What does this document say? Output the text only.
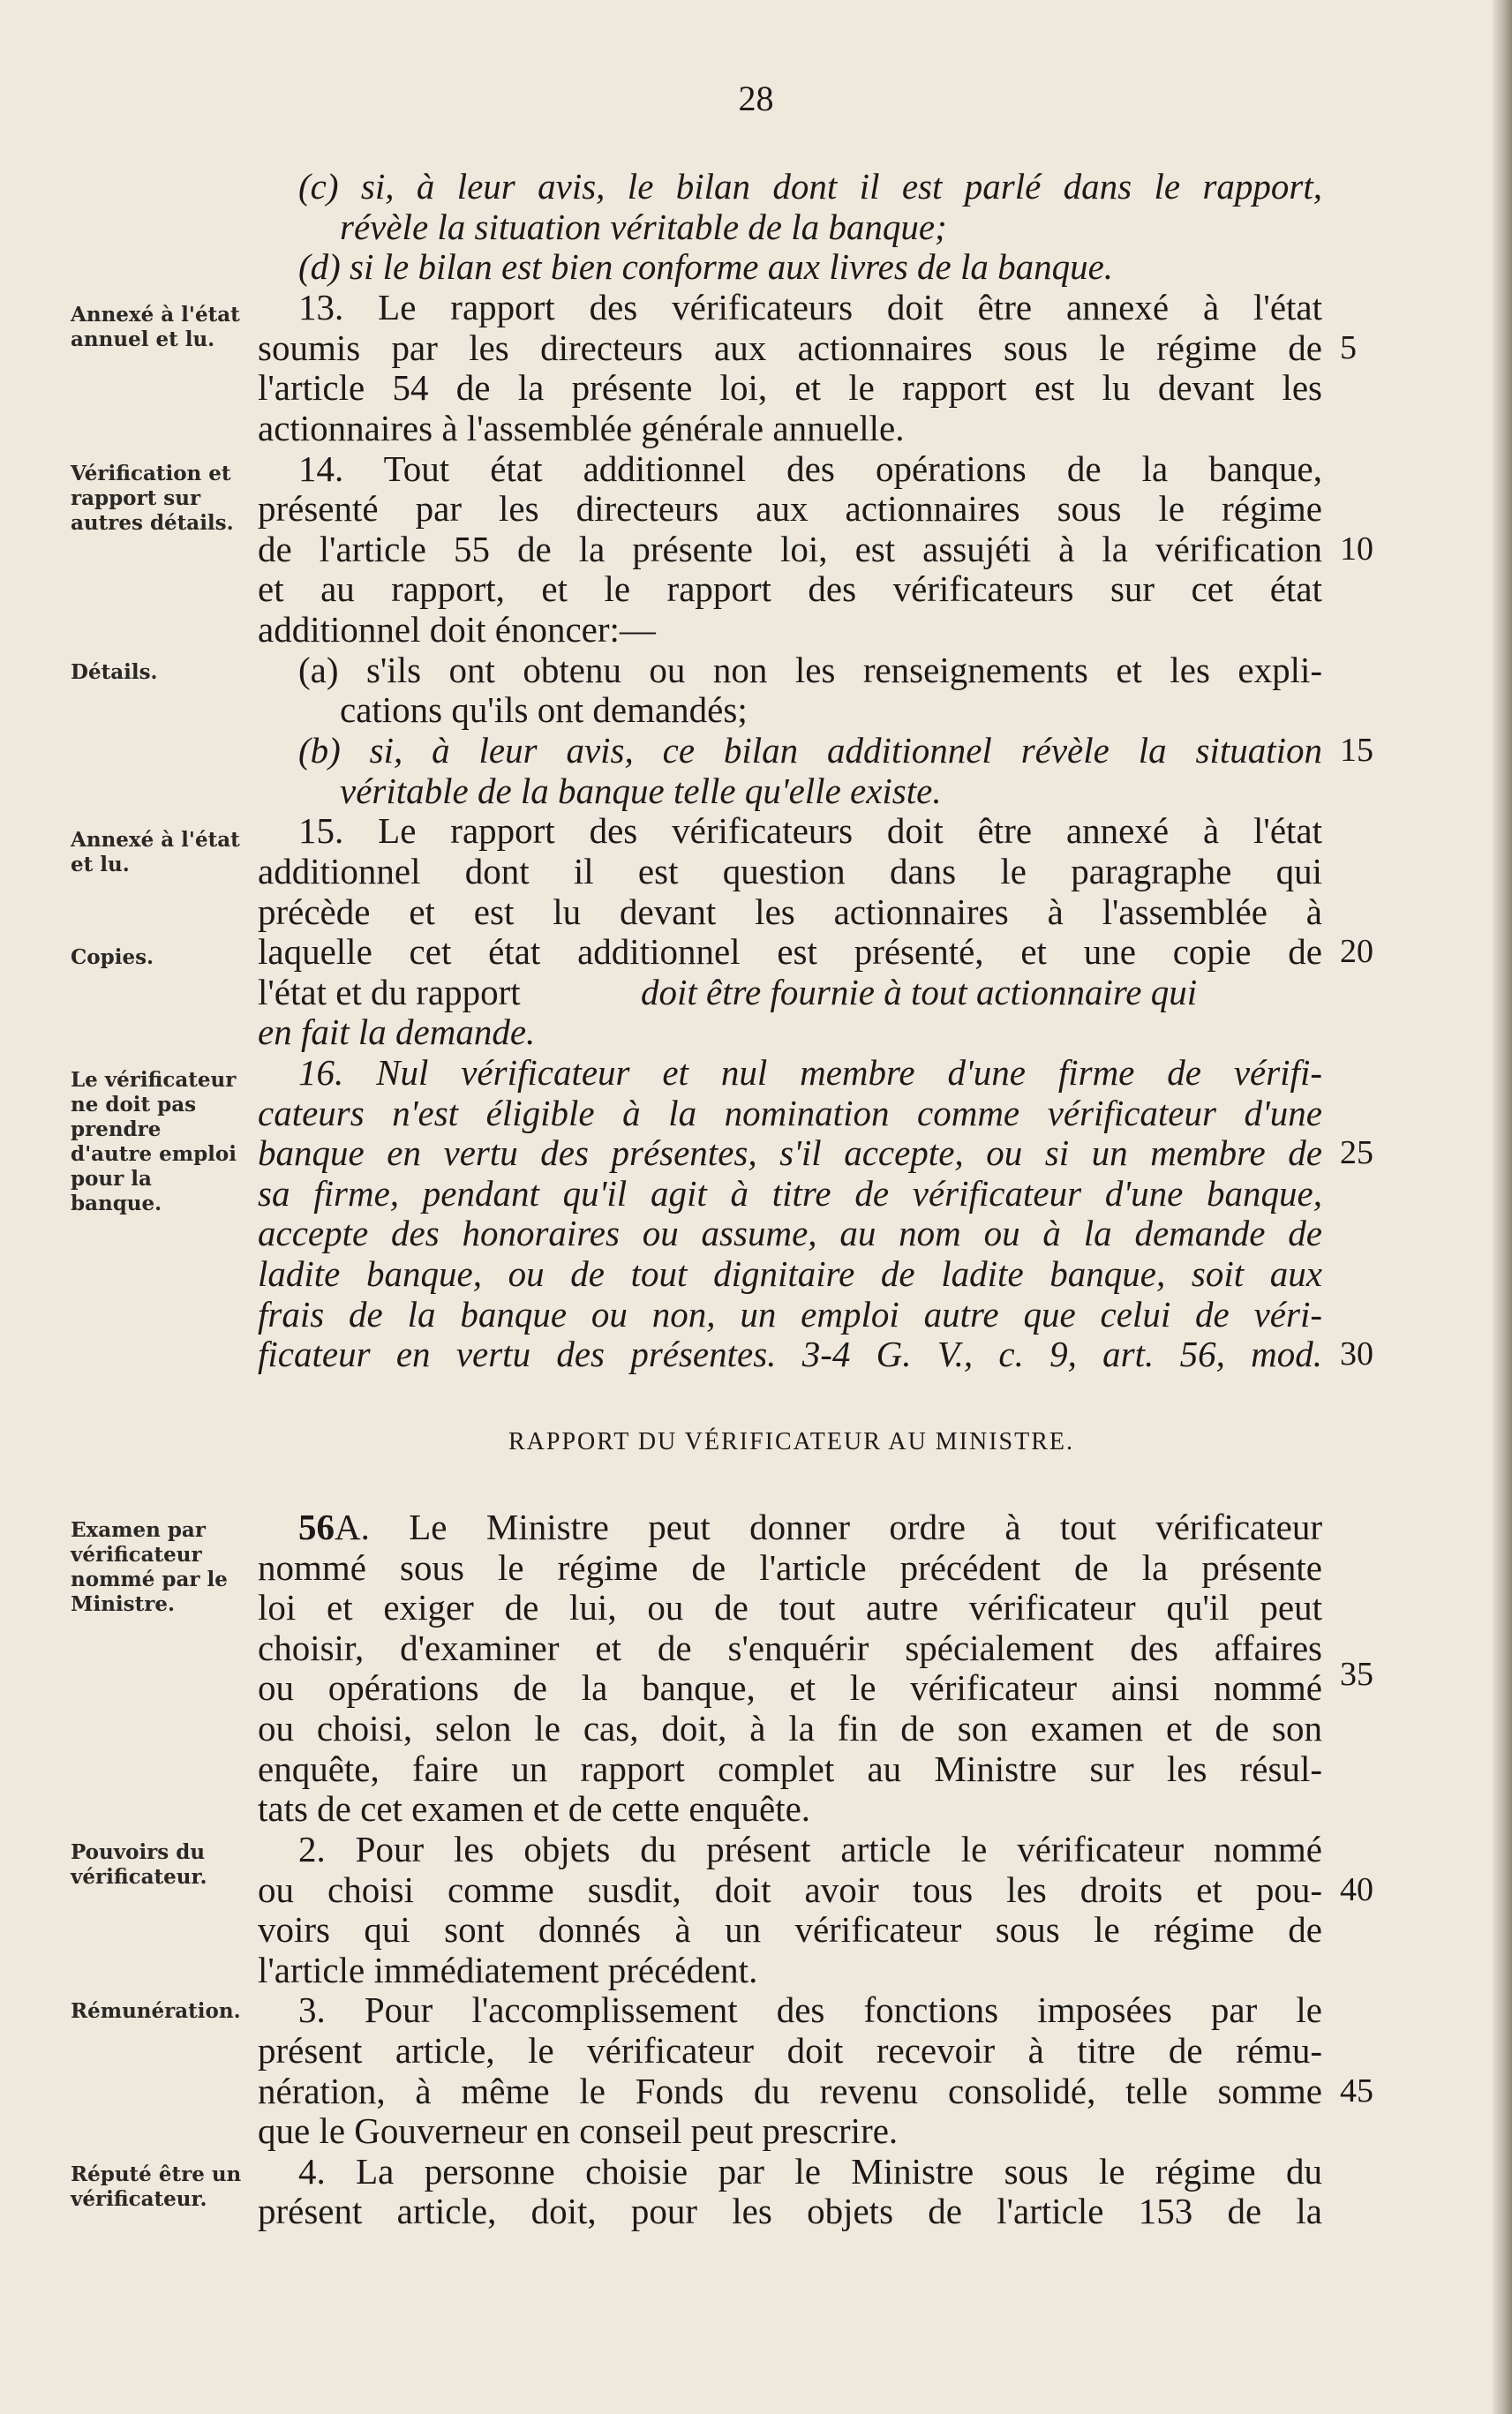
28
Annexé à l'état annuel et lu.
Vérification et rapport sur autres détails.
Détails.
Annexé à l'état et lu.
Copies.
Le vérificateur ne doit pas prendre d'autre emploi pour la banque.
Examen par vérificateur nommé par le Ministre.
Pouvoirs du vérificateur.
Rémunération.
Réputé être un vérificateur.
(c) si, à leur avis, le bilan dont il est parlé dans le rapport,
révèle la situation véritable de la banque;
(d) si le bilan est bien conforme aux livres de la banque.
13. Le rapport des vérificateurs doit être annexé à l'état
soumis par les directeurs aux actionnaires sous le régime de
l'article 54 de la présente loi, et le rapport est lu devant les
actionnaires à l'assemblée générale annuelle.
14. Tout état additionnel des opérations de la banque,
présenté par les directeurs aux actionnaires sous le régime
de l'article 55 de la présente loi, est assujéti à la vérification
et au rapport, et le rapport des vérificateurs sur cet état
additionnel doit énoncer:—
(a) s'ils ont obtenu ou non les renseignements et les expli-
cations qu'ils ont demandés;
(b) si, à leur avis, ce bilan additionnel révèle la situation
véritable de la banque telle qu'elle existe.
15. Le rapport des vérificateurs doit être annexé à l'état
additionnel dont il est question dans le paragraphe qui
précède et est lu devant les actionnaires à l'assemblée à
laquelle cet état additionnel est présenté, et une copie de
l'état et du rapport	doit être fournie à tout actionnaire qui
en fait la demande.
16. Nul vérificateur et nul membre d'une firme de vérifi-
cateurs n'est éligible à la nomination comme vérificateur d'une
banque en vertu des présentes, s'il accepte, ou si un membre de
sa firme, pendant qu'il agit à titre de vérificateur d'une banque,
accepte des honoraires ou assume, au nom ou à la demande de
ladite banque, ou de tout dignitaire de ladite banque, soit aux
frais de la banque ou non, un emploi autre que celui de véri-
ficateur en vertu des présentes. 3-4 G. V., c. 9, art. 56, mod.
RAPPORT DU VÉRIFICATEUR AU MINISTRE.
56A. Le Ministre peut donner ordre à tout vérificateur
nommé sous le régime de l'article précédent de la présente
loi et exiger de lui, ou de tout autre vérificateur qu'il peut
choisir, d'examiner et de s'enquérir spécialement des affaires
ou opérations de la banque, et le vérificateur ainsi nommé
ou choisi, selon le cas, doit, à la fin de son examen et de son
enquête, faire un rapport complet au Ministre sur les résul-
tats de cet examen et de cette enquête.
2. Pour les objets du présent article le vérificateur nommé
ou choisi comme susdit, doit avoir tous les droits et pou-
voirs qui sont donnés à un vérificateur sous le régime de
l'article immédiatement précédent.
3. Pour l'accomplissement des fonctions imposées par le
présent article, le vérificateur doit recevoir à titre de rému-
nération, à même le Fonds du revenu consolidé, telle somme
que le Gouverneur en conseil peut prescrire.
4. La personne choisie par le Ministre sous le régime du
présent article, doit, pour les objets de l'article 153 de la
5
10
15
20
25
30
35
40
45
